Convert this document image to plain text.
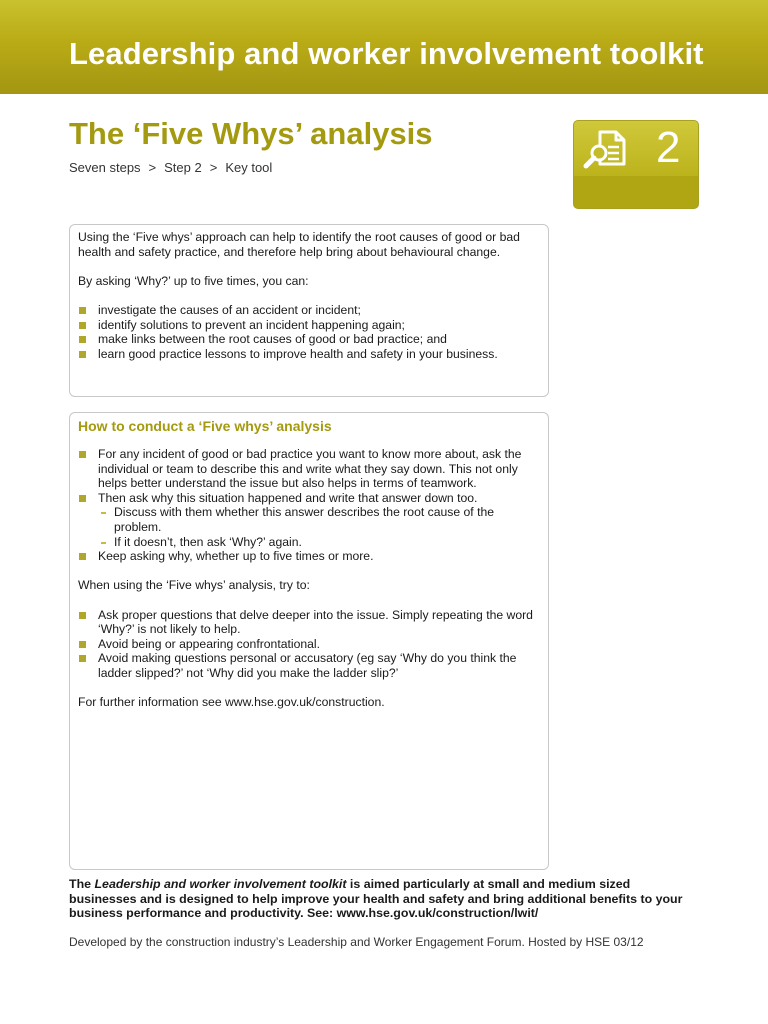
Leadership and worker involvement toolkit
The ‘Five Whys’ analysis
Seven steps > Step 2 > Key tool	2

Using the ‘Five whys’ approach can help to identify the root causes of good or bad health and safety practice, and therefore help bring about behavioural change.

By asking ‘Why?’ up to five times, you can:

investigate the causes of an accident or incident;
identify solutions to prevent an incident happening again;
make links between the root causes of good or bad practice; and
learn good practice lessons to improve health and safety in your business.
How to conduct a ‘Five whys’ analysis
For any incident of good or bad practice you want to know more about, ask the individual or team to describe this and write what they say down. This not only helps better understand the issue but also helps in terms of teamwork.
Then ask why this situation happened and write that answer down too.
Discuss with them whether this answer describes the root cause of the problem.
If it doesn’t, then ask ‘Why?’ again.
Keep asking why, whether up to five times or more.

When using the ‘Five whys’ analysis, try to:

Ask proper questions that delve deeper into the issue. Simply repeating the word ‘Why?’ is not likely to help.
Avoid being or appearing confrontational.
Avoid making questions personal or accusatory (eg say ‘Why do you think the ladder slipped?’ not ‘Why did you make the ladder slip?’

For further information see www.hse.gov.uk/construction.

The Leadership and worker involvement toolkit is aimed particularly at small and medium sized businesses and is designed to help improve your health and safety and bring additional benefits to your business performance and productivity. See: www.hse.gov.uk/construction/lwit/
Developed by the construction industry’s Leadership and Worker Engagement Forum. Hosted by HSE 03/12
